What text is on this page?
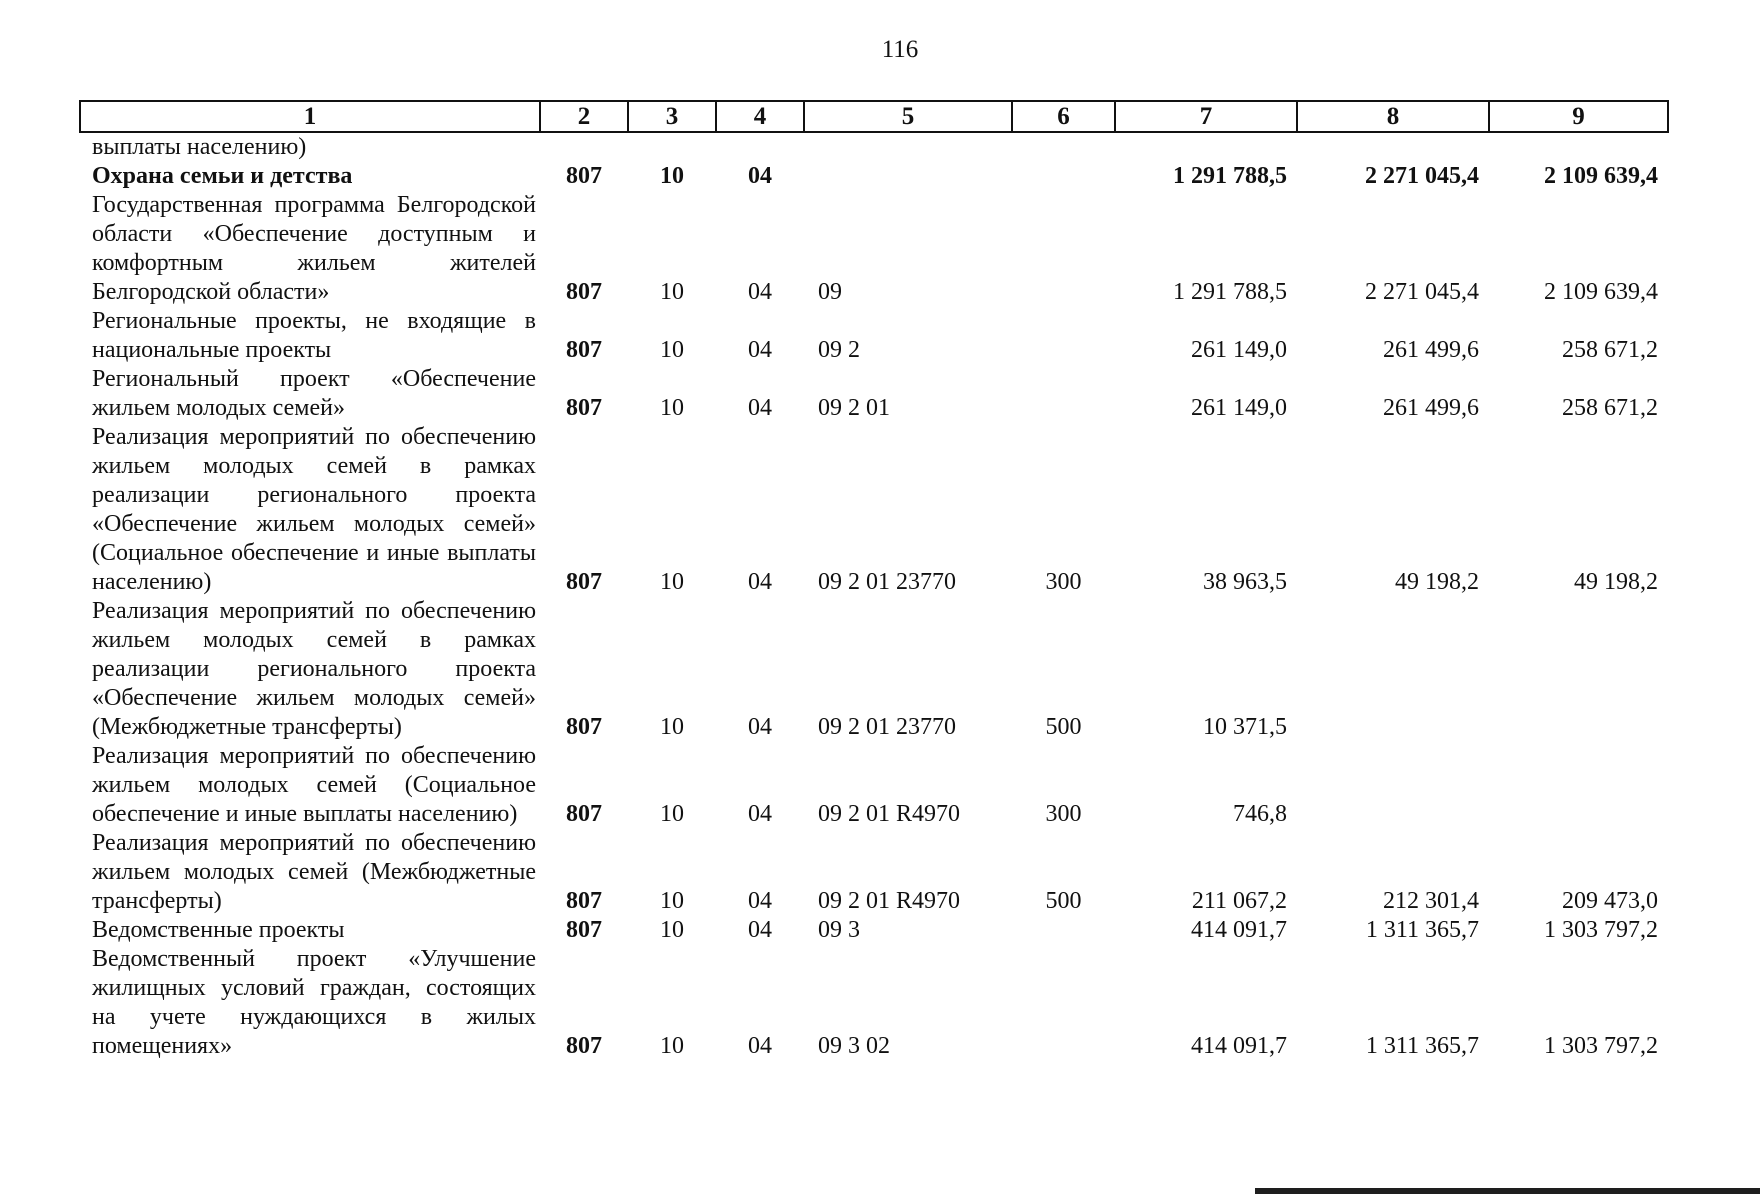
116
1	2	3	4	5	6	7	8	9
выплаты населению)								
Охрана семьи и детства	807	10	04			1 291 788,5	2 271 045,4	2 109 639,4
Государственная программа Белгородской области «Обеспечение доступным и комфортным жильем жителей Белгородской области»	807	10	04	09		1 291 788,5	2 271 045,4	2 109 639,4
Региональные проекты, не входящие в национальные проекты	807	10	04	09 2		261 149,0	261 499,6	258 671,2
Региональный проект «Обеспечение жильем молодых семей»	807	10	04	09 2 01		261 149,0	261 499,6	258 671,2
Реализация мероприятий по обеспечению жильем молодых семей в рамках реализации регионального проекта «Обеспечение жильем молодых семей» (Социальное обеспечение и иные выплаты населению)	807	10	04	09 2 01 23770	300	38 963,5	49 198,2	49 198,2
Реализация мероприятий по обеспечению жильем молодых семей в рамках реализации регионального проекта «Обеспечение жильем молодых семей» (Межбюджетные трансферты)	807	10	04	09 2 01 23770	500	10 371,5		
Реализация мероприятий по обеспечению жильем молодых семей (Социальное обеспечение и иные выплаты населению)	807	10	04	09 2 01 R4970	300	746,8		
Реализация мероприятий по обеспечению жильем молодых семей (Межбюджетные трансферты)	807	10	04	09 2 01 R4970	500	211 067,2	212 301,4	209 473,0
Ведомственные проекты	807	10	04	09 3		414 091,7	1 311 365,7	1 303 797,2
Ведомственный проект «Улучшение жилищных условий граждан, состоящих на учете нуждающихся в жилых помещениях»	807	10	04	09 3 02		414 091,7	1 311 365,7	1 303 797,2
